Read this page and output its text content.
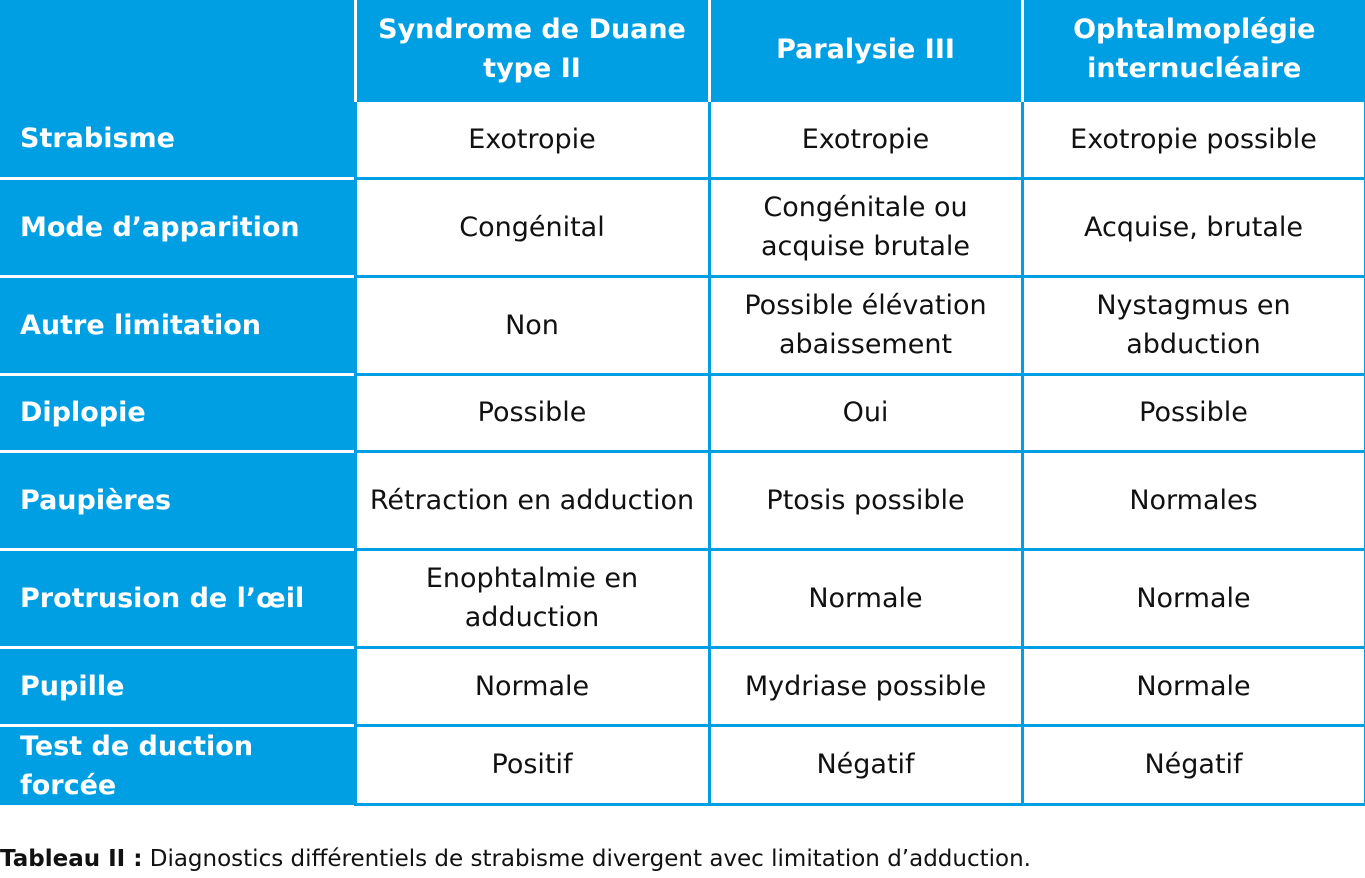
	Syndrome de Duane type II	Paralysie III	Ophtalmoplégie internucléaire
Strabisme	Exotropie	Exotropie	Exotropie possible
Mode d’apparition	Congénital	Congénitale ou acquise brutale	Acquise, brutale
Autre limitation	Non	Possible élévation abaissement	Nystagmus en abduction
Diplopie	Possible	Oui	Possible
Paupières	Rétraction en adduction	Ptosis possible	Normales
Protrusion de l’œil	Enophtalmie en adduction	Normale	Normale
Pupille	Normale	Mydriase possible	Normale
Test de duction forcée	Positif	Négatif	Négatif
Tableau II : Diagnostics différentiels de strabisme divergent avec limitation d’adduction.
